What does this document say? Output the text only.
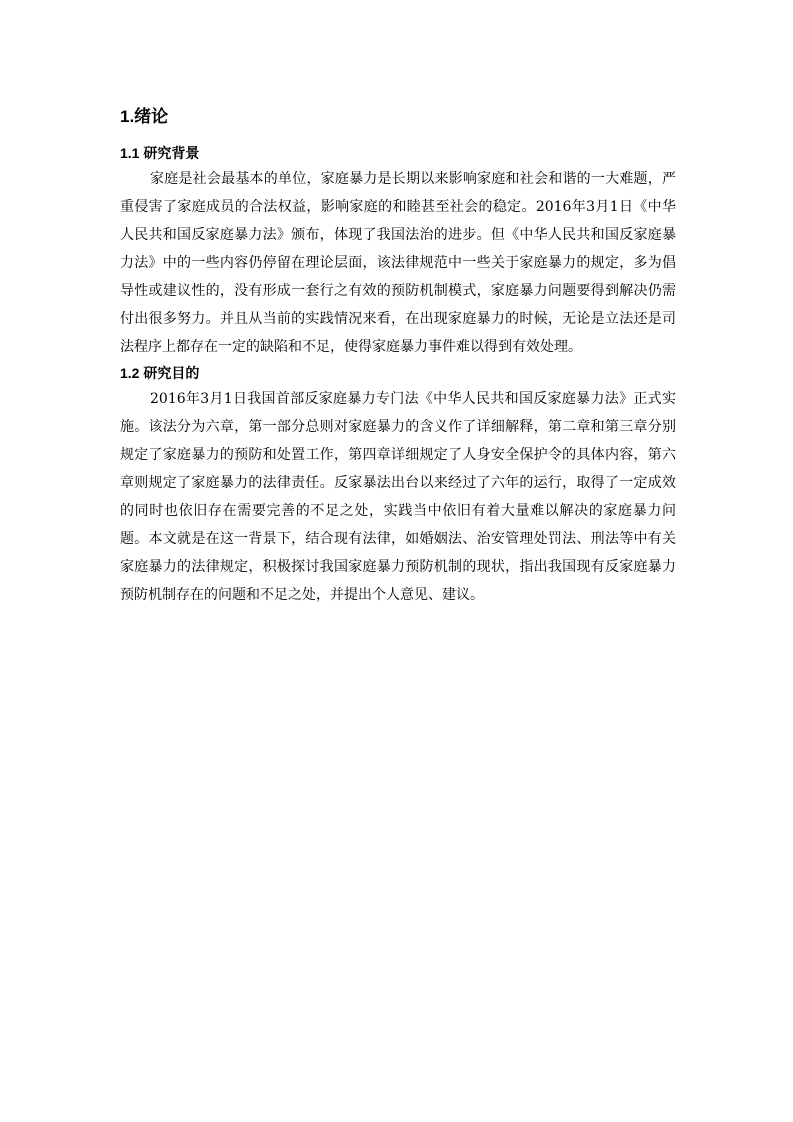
1.绪论
1.1 研究背景

家庭是社会最基本的单位，家庭暴力是长期以来影响家庭和社会和谐的一大难题，严重侵害了家庭成员的合法权益，影响家庭的和睦甚至社会的稳定。2016年3月1日《中华人民共和国反家庭暴力法》颁布，体现了我国法治的进步。但《中华人民共和国反家庭暴力法》中的一些内容仍停留在理论层面，该法律规范中一些关于家庭暴力的规定，多为倡导性或建议性的，没有形成一套行之有效的预防机制模式，家庭暴力问题要得到解决仍需付出很多努力。并且从当前的实践情况来看，在出现家庭暴力的时候，无论是立法还是司法程序上都存在一定的缺陷和不足，使得家庭暴力事件难以得到有效处理。

1.2 研究目的

2016年3月1日我国首部反家庭暴力专门法《中华人民共和国反家庭暴力法》正式实施。该法分为六章，第一部分总则对家庭暴力的含义作了详细解释，第二章和第三章分别规定了家庭暴力的预防和处置工作，第四章详细规定了人身安全保护令的具体内容，第六章则规定了家庭暴力的法律责任。反家暴法出台以来经过了六年的运行，取得了一定成效的同时也依旧存在需要完善的不足之处，实践当中依旧有着大量难以解决的家庭暴力问题。本文就是在这一背景下，结合现有法律，如婚姻法、治安管理处罚法、刑法等中有关家庭暴力的法律规定，积极探讨我国家庭暴力预防机制的现状，指出我国现有反家庭暴力预防机制存在的问题和不足之处，并提出个人意见、建议。
